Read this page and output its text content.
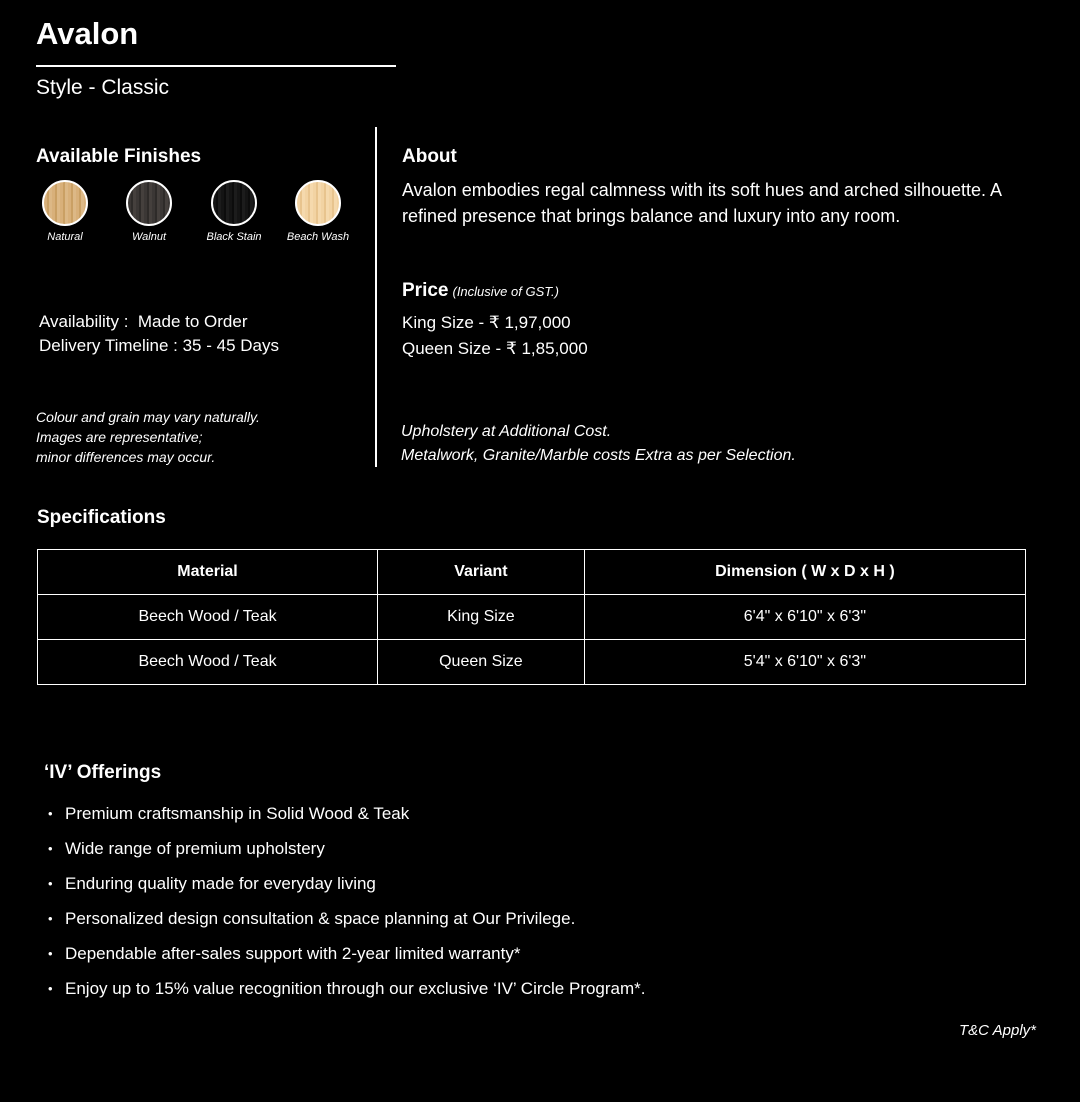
Avalon
Style - Classic
Available Finishes
Natural	Walnut	Black Stain	Beach Wash
Availability :  Made to Order
Delivery Timeline : 35 - 45 Days
Colour and grain may vary naturally.
Images are representative;
minor differences may occur.
About
Avalon embodies regal calmness with its soft hues and arched silhouette. A refined presence that brings balance and luxury into any room.
Price (Inclusive of GST.)
King Size - ₹ 1,97,000
Queen Size - ₹ 1,85,000
Upholstery at Additional Cost.
Metalwork, Granite/Marble costs Extra as per Selection.
Specifications
Material	Variant	Dimension ( W x D x H )
Beech Wood / Teak	King Size	6'4" x 6'10" x 6'3"
Beech Wood / Teak	Queen Size	5'4" x 6'10" x 6'3"
‘IV’ Offerings
• Premium craftsmanship in Solid Wood & Teak
• Wide range of premium upholstery
• Enduring quality made for everyday living
• Personalized design consultation & space planning at Our Privilege.
• Dependable after-sales support with 2-year limited warranty*
• Enjoy up to 15% value recognition through our exclusive ‘IV’ Circle Program*.
T&C Apply*
